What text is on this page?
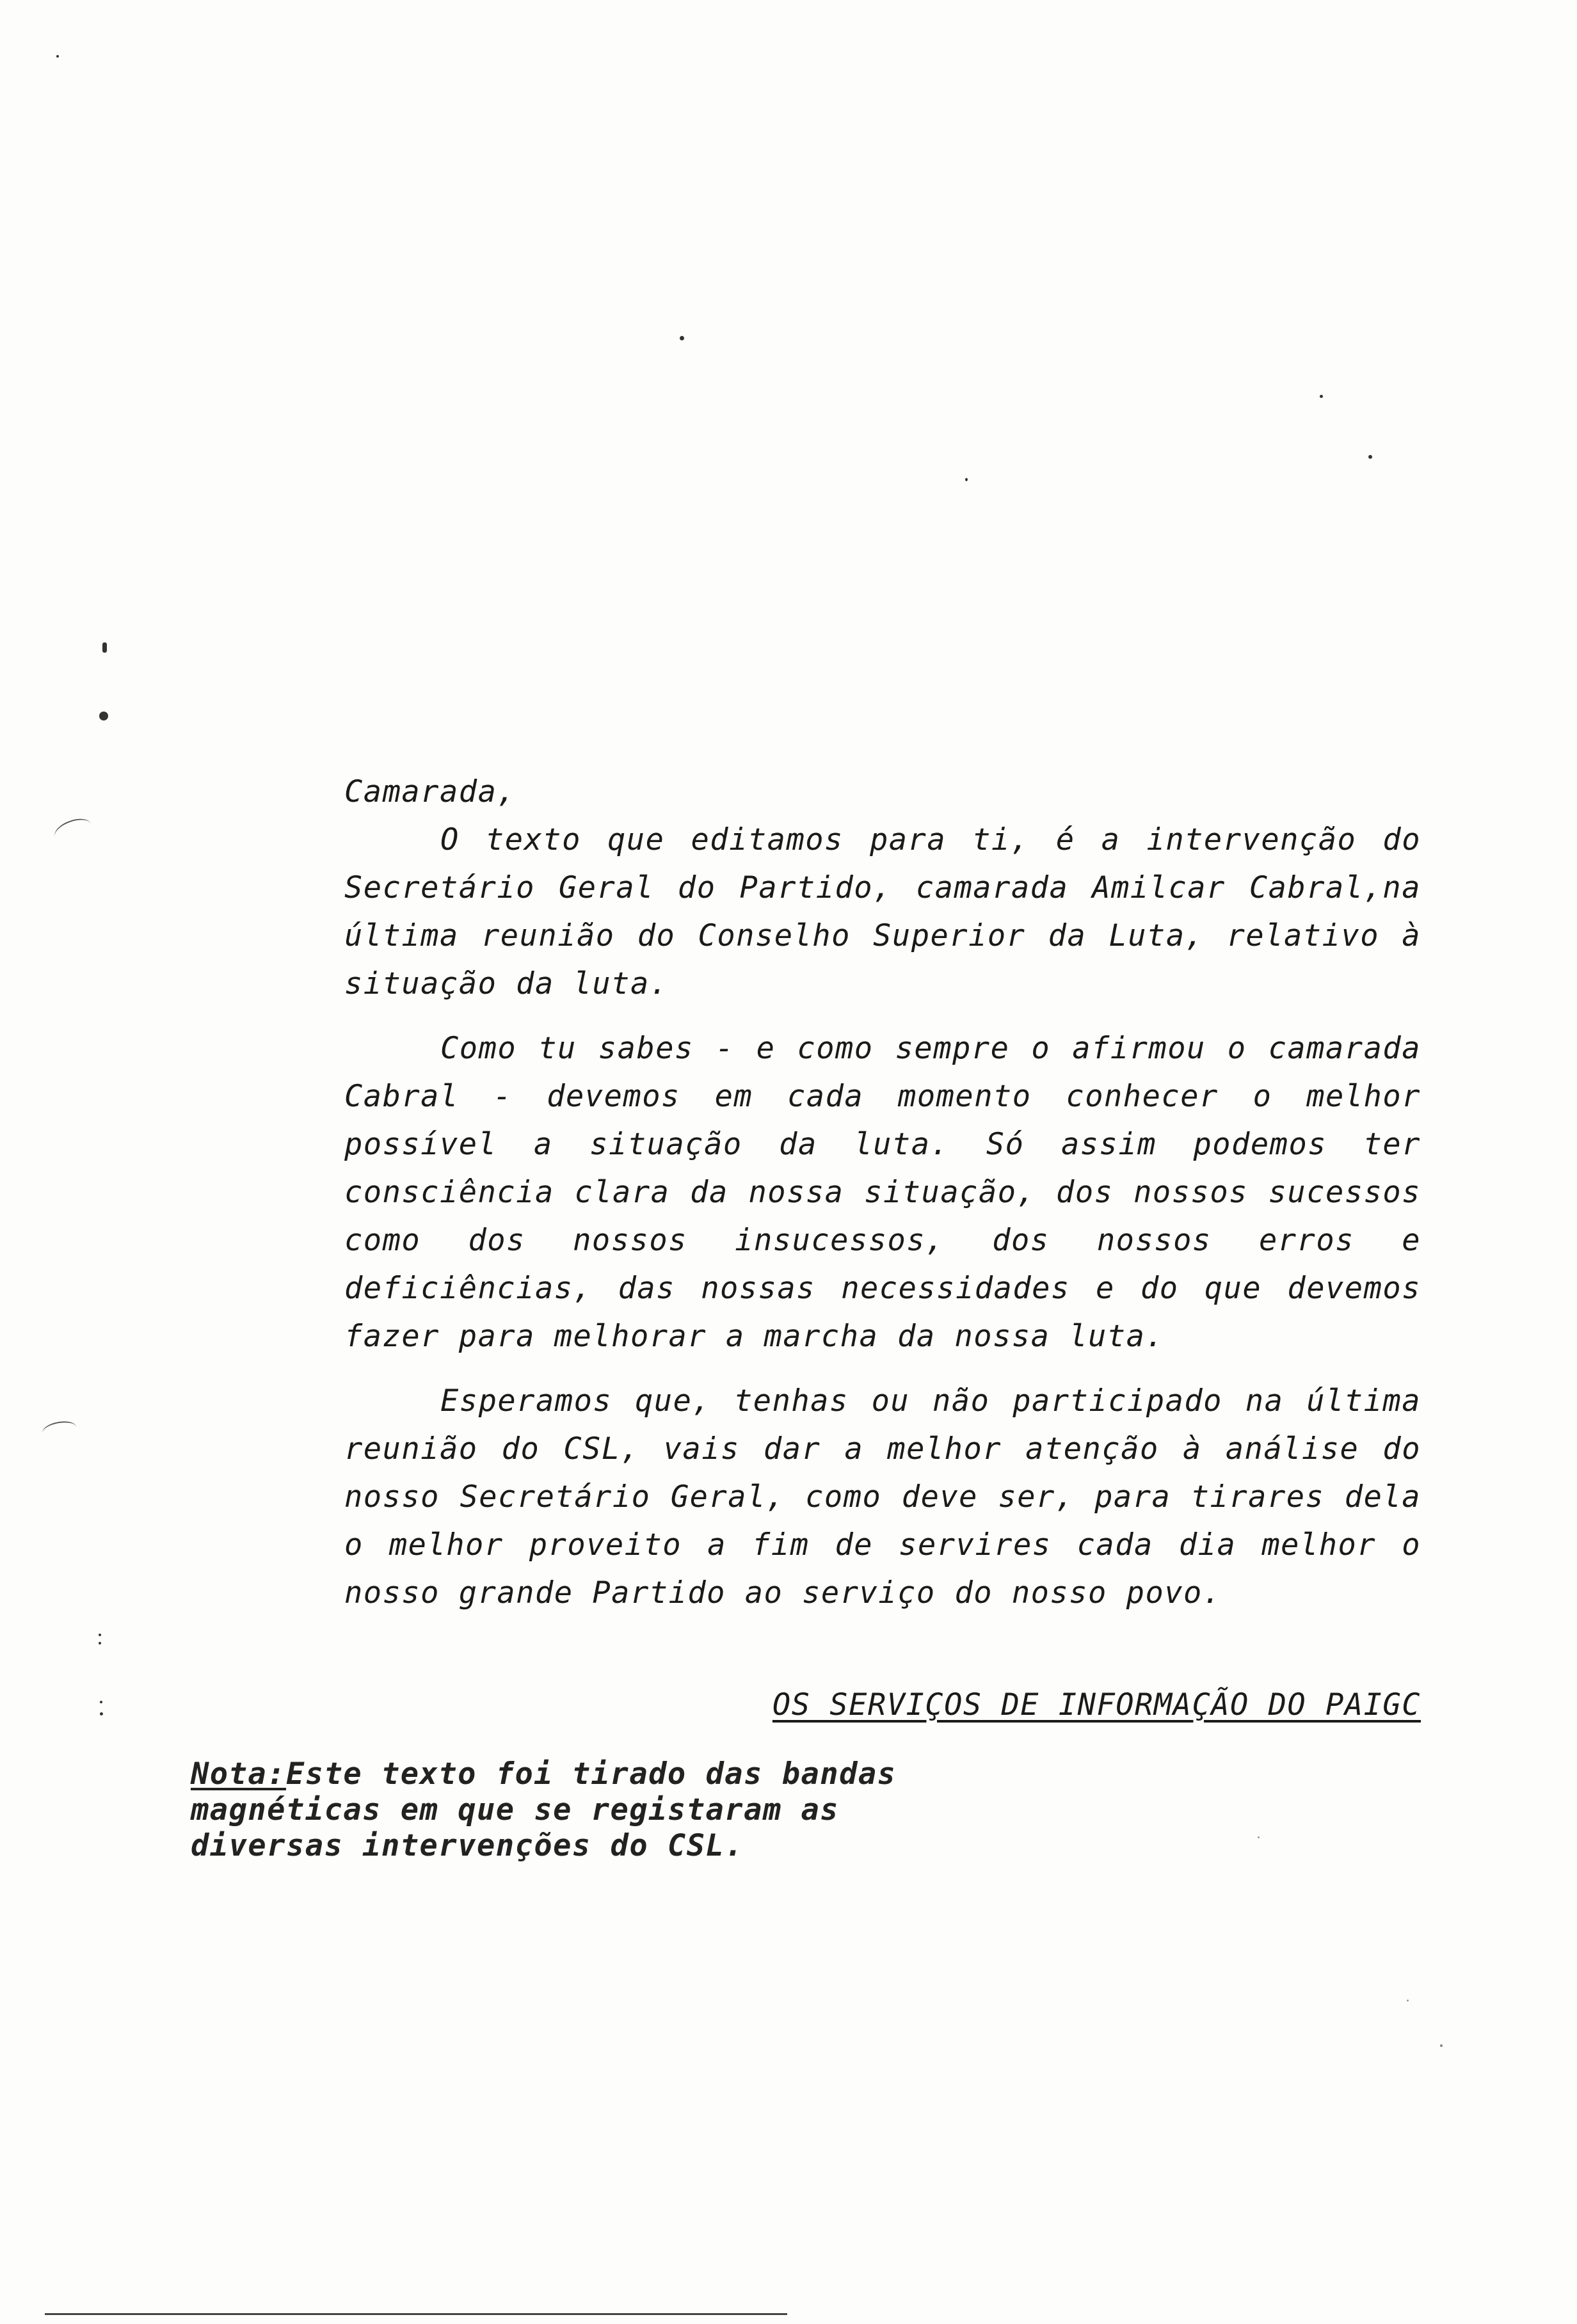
Camarada,

O texto que editamos para ti, é a intervenção do Secretário Geral do Partido, camarada Amilcar Cabral,na última reunião do Conselho Superior da Luta, relativo à situação da luta.

Como tu sabes - e como sempre o afirmou o camarada Cabral - devemos em cada momento conhecer o melhor possível a situação da luta. Só assim podemos ter consciência clara da nossa situação, dos nossos sucessos como dos nossos insucessos, dos nossos erros e deficiências, das nossas necessidades e do que devemos fazer para melhorar a marcha da nossa luta.

Esperamos que, tenhas ou não participado na última reunião do CSL, vais dar a melhor atenção à análise do nosso Secretário Geral, como deve ser, para tirares dela o melhor proveito a fim de servires cada dia melhor o nosso grande Partido ao serviço do nosso povo.

OS SERVIÇOS DE INFORMAÇÃO DO PAIGC
Nota:Este texto foi tirado das bandas magnéticas em que se registaram as diversas intervenções do CSL.
